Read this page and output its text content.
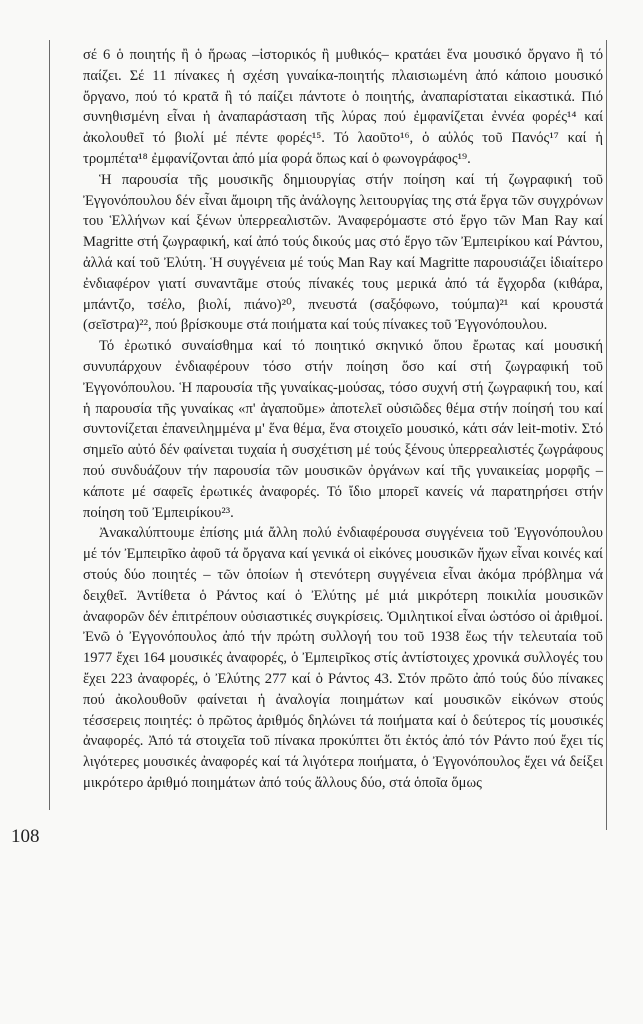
108

σέ 6 ὁ ποιητής ἢ ὁ ἥρωας –ἱστορικός ἢ μυθικός– κρατάει ἕνα μουσικό ὄργανο ἢ τό παίζει. Σέ 11 πίνακες ἡ σχέση γυναίκα-ποιητής πλαισιωμένη ἀπό κάποιο μουσικό ὄργανο, πού τό κρατᾶ ἢ τό παίζει πάντοτε ὁ ποιητής, ἀναπαρίσταται εἰκαστικά. Πιό συνηθισμένη εἶναι ἡ ἀναπαράσταση τῆς λύρας πού ἐμφανίζεται ἐννέα φορές¹⁴ καί ἀκολουθεῖ τό βιολί μέ πέντε φορές¹⁵. Τό λαοῦτο¹⁶, ὁ αὐλός τοῦ Πανός¹⁷ καί ἡ τρομπέτα¹⁸ ἐμφανίζονται ἀπό μία φορά ὅπως καί ὁ φωνογράφος¹⁹.

Ἡ παρουσία τῆς μουσικῆς δημιουργίας στήν ποίηση καί τή ζωγραφική τοῦ Ἐγγονόπουλου δέν εἶναι ἄμοιρη τῆς ἀνάλογης λειτουργίας της στά ἔργα τῶν συγχρόνων του Ἑλλήνων καί ξένων ὑπερρεαλιστῶν. Ἀναφερόμαστε στό ἔργο τῶν Man Ray καί Magritte στή ζωγραφική, καί ἀπό τούς δικούς μας στό ἔργο τῶν Ἐμπειρίκου καί Ράντου, ἀλλά καί τοῦ Ἐλύτη. Ἡ συγγένεια μέ τούς Man Ray καί Magritte παρουσιάζει ἰδιαίτερο ἐνδιαφέρον γιατί συναντᾶμε στούς πίνακές τους μερικά ἀπό τά ἔγχορδα (κιθάρα, μπάντζο, τσέλο, βιολί, πιάνο)²⁰, πνευστά (σαξόφωνο, τούμπα)²¹ καί κρουστά (σεῖστρα)²², πού βρίσκουμε στά ποιήματα καί τούς πίνακες τοῦ Ἐγγονόπουλου.

Τό ἐρωτικό συναίσθημα καί τό ποιητικό σκηνικό ὅπου ἔρωτας καί μουσική συνυπάρχουν ἐνδιαφέρουν τόσο στήν ποίηση ὅσο καί στή ζωγραφική τοῦ Ἐγγονόπουλου. Ἡ παρουσία τῆς γυναίκας-μούσας, τόσο συχνή στή ζωγραφική του, καί ἡ παρουσία τῆς γυναίκας «π' ἀγαποῦμε» ἀποτελεῖ οὐσιῶδες θέμα στήν ποίησή του καί συντονίζεται ἐπανειλημμένα μ' ἕνα θέμα, ἕνα στοιχεῖο μουσικό, κάτι σάν leit-motiv. Στό σημεῖο αὐτό δέν φαίνεται τυχαία ἡ συσχέτιση μέ τούς ξένους ὑπερρεαλιστές ζωγράφους πού συνδυάζουν τήν παρουσία τῶν μουσικῶν ὀργάνων καί τῆς γυναικείας μορφῆς – κάποτε μέ σαφεῖς ἐρωτικές ἀναφορές. Τό ἴδιο μπορεῖ κανείς νά παρατηρήσει στήν ποίηση τοῦ Ἐμπειρίκου²³.

Ἀνακαλύπτουμε ἐπίσης μιά ἄλλη πολύ ἐνδιαφέρουσα συγγένεια τοῦ Ἐγγονόπουλου μέ τόν Ἐμπειρῖκο ἀφοῦ τά ὄργανα καί γενικά οἱ εἰκόνες μουσικῶν ἤχων εἶναι κοινές καί στούς δύο ποιητές – τῶν ὁποίων ἡ στενότερη συγγένεια εἶναι ἀκόμα πρόβλημα νά δειχθεῖ. Ἀντίθετα ὁ Ράντος καί ὁ Ἐλύτης μέ μιά μικρότερη ποικιλία μουσικῶν ἀναφορῶν δέν ἐπιτρέπουν οὐσιαστικές συγκρίσεις. Ὁμιλητικοί εἶναι ὡστόσο οἱ ἀριθμοί. Ἐνῶ ὁ Ἐγγονόπουλος ἀπό τήν πρώτη συλλογή του τοῦ 1938 ἕως τήν τελευταία τοῦ 1977 ἔχει 164 μουσικές ἀναφορές, ὁ Ἐμπειρῖκος στίς ἀντίστοιχες χρονικά συλλογές του ἔχει 223 ἀναφορές, ὁ Ἐλύτης 277 καί ὁ Ράντος 43. Στόν πρῶτο ἀπό τούς δύο πίνακες πού ἀκολουθοῦν φαίνεται ἡ ἀναλογία ποιημάτων καί μουσικῶν εἰκόνων στούς τέσσερεις ποιητές: ὁ πρῶτος ἀριθμός δηλώνει τά ποιήματα καί ὁ δεύτερος τίς μουσικές ἀναφορές. Ἀπό τά στοιχεῖα τοῦ πίνακα προκύπτει ὅτι ἐκτός ἀπό τόν Ράντο πού ἔχει τίς λιγότερες μουσικές ἀναφορές καί τά λιγότερα ποιήματα, ὁ Ἐγγονόπουλος ἔχει νά δείξει μικρότερο ἀριθμό ποιημάτων ἀπό τούς ἄλλους δύο, στά ὁποῖα ὅμως
